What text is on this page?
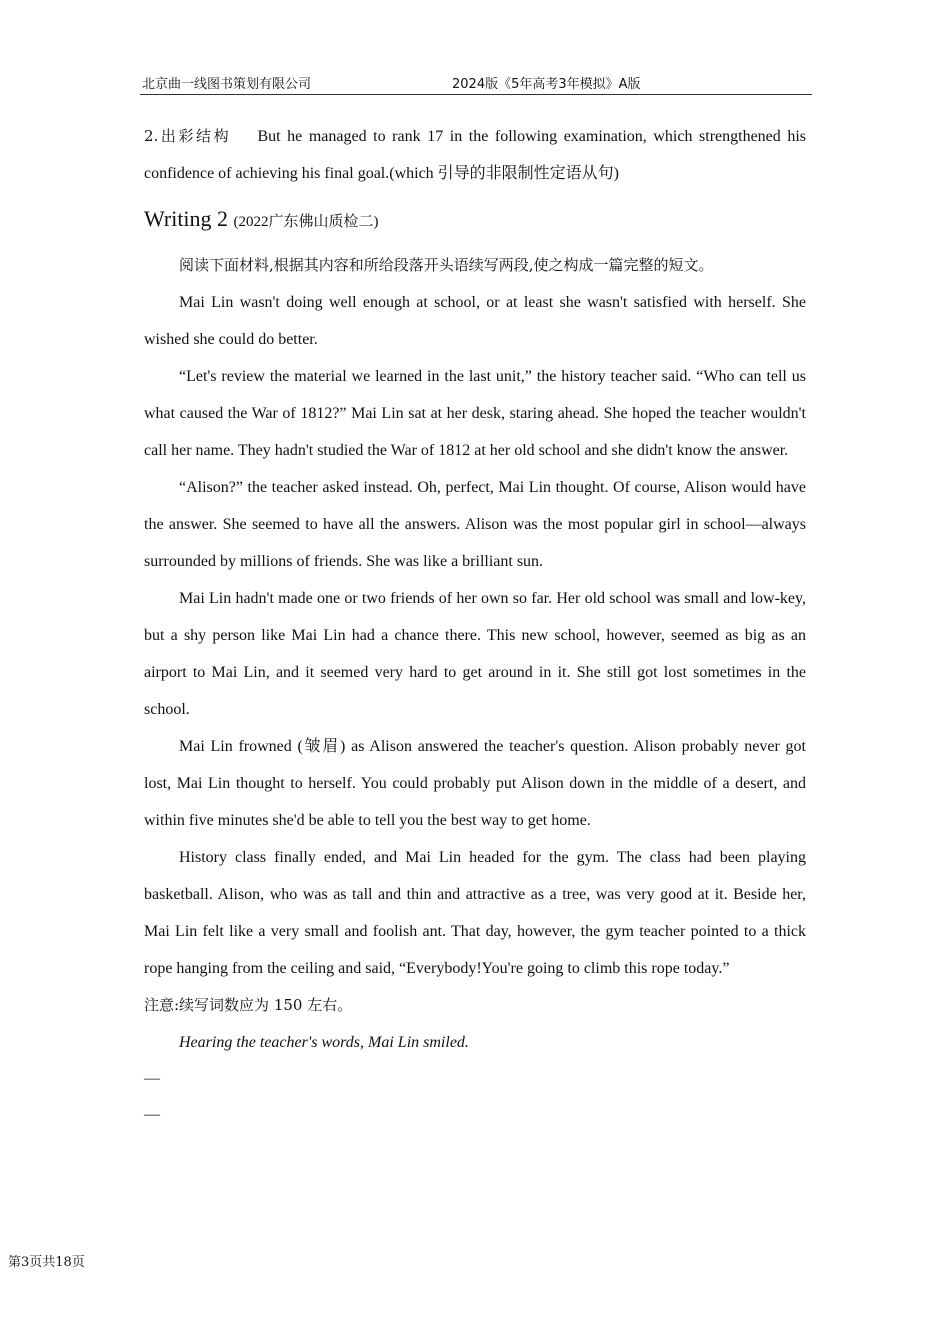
北京曲一线图书策划有限公司	2024版《5年高考3年模拟》A版

2.出彩结构 But he managed to rank 17 in the following examination, which strengthened his confidence of achieving his final goal.(which 引导的非限制性定语从句)

Writing 2 (2022广东佛山质检二)

阅读下面材料,根据其内容和所给段落开头语续写两段,使之构成一篇完整的短文。

Mai Lin wasn't doing well enough at school, or at least she wasn't satisfied with herself. She wished she could do better.

“Let's review the material we learned in the last unit,” the history teacher said. “Who can tell us what caused the War of 1812?” Mai Lin sat at her desk, staring ahead. She hoped the teacher wouldn't call her name. They hadn't studied the War of 1812 at her old school and she didn't know the answer.

“Alison?” the teacher asked instead. Oh, perfect, Mai Lin thought. Of course, Alison would have the answer. She seemed to have all the answers. Alison was the most popular girl in school—always surrounded by millions of friends. She was like a brilliant sun.

Mai Lin hadn't made one or two friends of her own so far. Her old school was small and low-key, but a shy person like Mai Lin had a chance there. This new school, however, seemed as big as an airport to Mai Lin, and it seemed very hard to get around in it. She still got lost sometimes in the school.

Mai Lin frowned (皱眉) as Alison answered the teacher's question. Alison probably never got lost, Mai Lin thought to herself. You could probably put Alison down in the middle of a desert, and within five minutes she'd be able to tell you the best way to get home.

History class finally ended, and Mai Lin headed for the gym. The class had been playing basketball. Alison, who was as tall and thin and attractive as a tree, was very good at it. Beside her, Mai Lin felt like a very small and foolish ant. That day, however, the gym teacher pointed to a thick rope hanging from the ceiling and said, “Everybody!You're going to climb this rope today.”

注意:续写词数应为 150 左右。

Hearing the teacher's words, Mai Lin smiled.

—

—

第3页共18页
